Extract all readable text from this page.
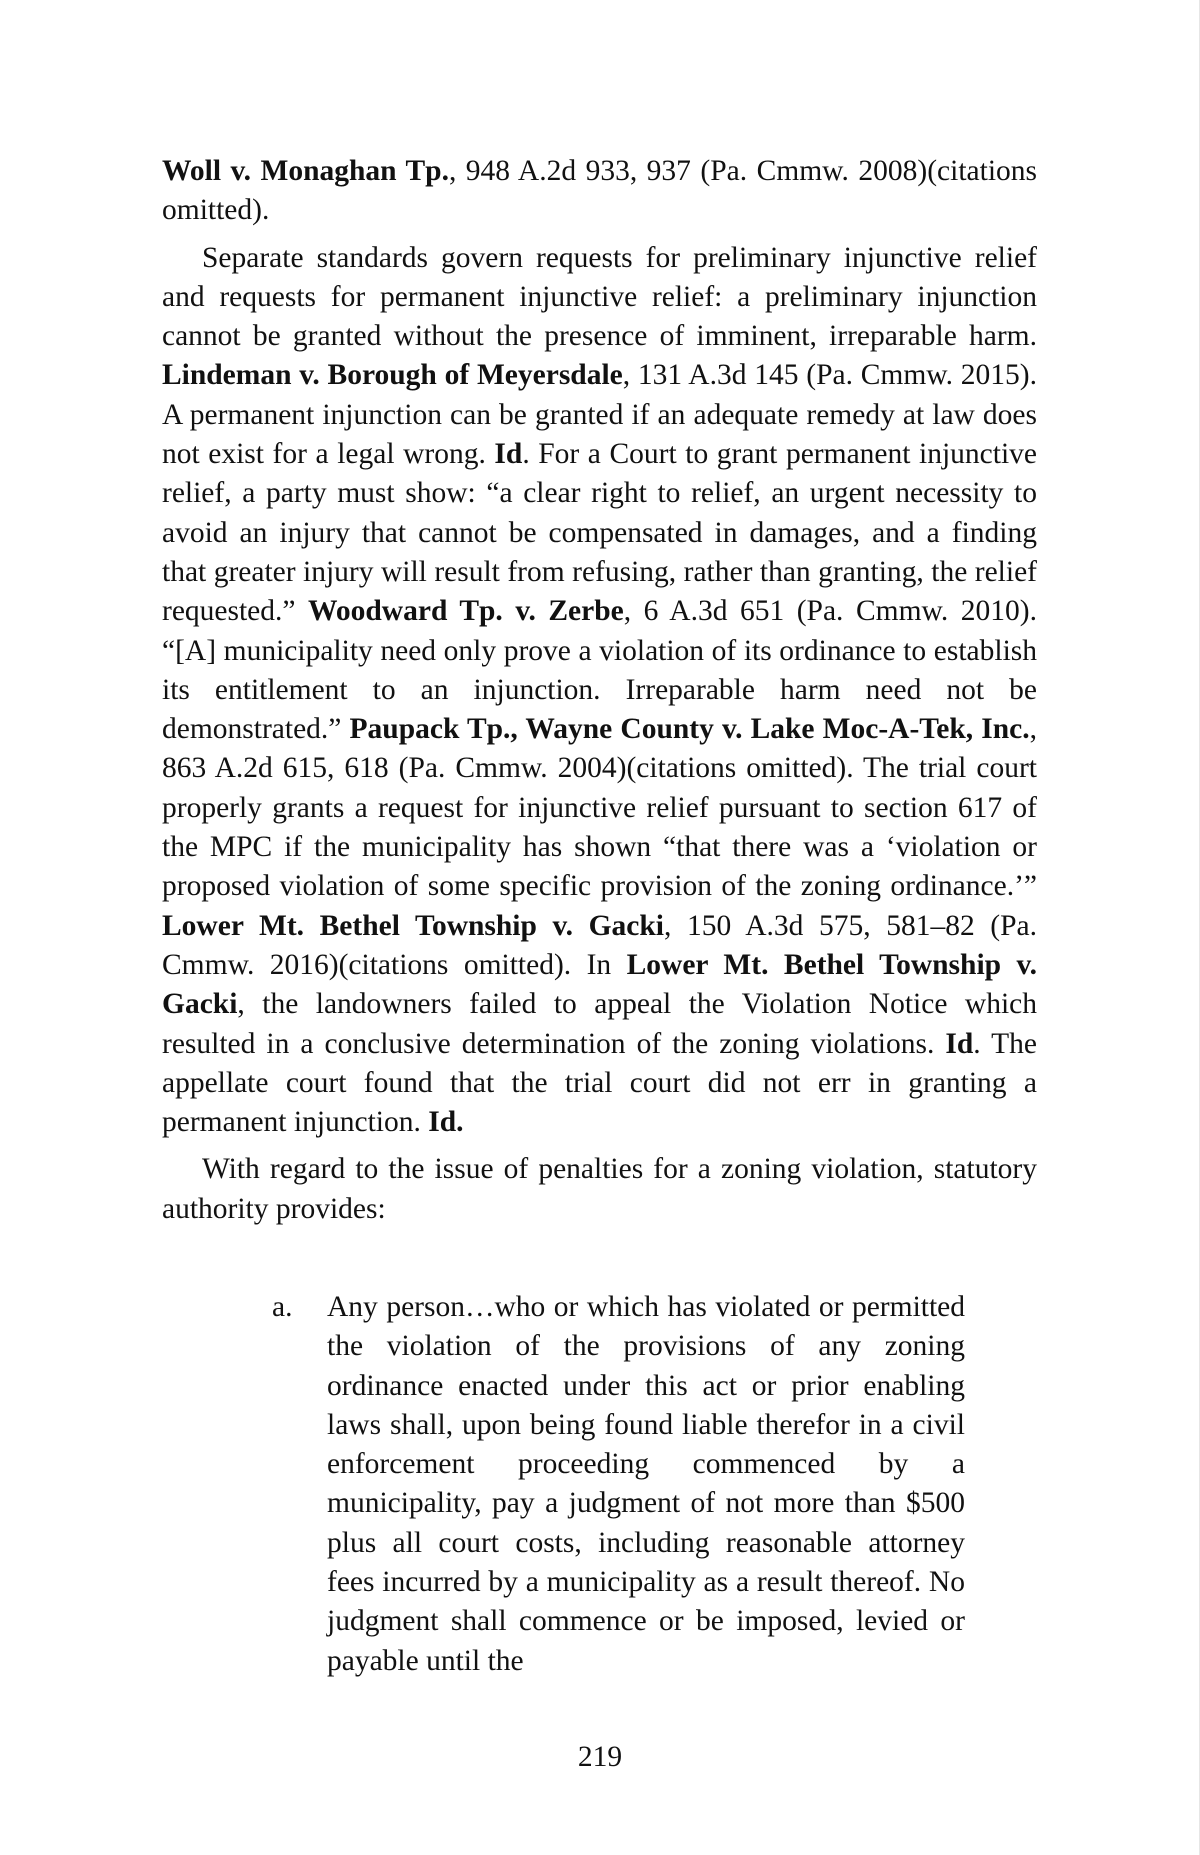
Woll v. Monaghan Tp., 948 A.2d 933, 937 (Pa. Cmmw. 2008)(citations omitted).

Separate standards govern requests for preliminary injunctive relief and requests for permanent injunctive relief: a preliminary injunction cannot be granted without the presence of imminent, irreparable harm. Lindeman v. Borough of Meyersdale, 131 A.3d 145 (Pa. Cmmw. 2015). A permanent injunction can be granted if an adequate remedy at law does not exist for a legal wrong. Id. For a Court to grant permanent injunctive relief, a party must show: “a clear right to relief, an urgent necessity to avoid an injury that cannot be compensated in damages, and a finding that greater injury will result from refusing, rather than granting, the relief requested.” Woodward Tp. v. Zerbe, 6 A.3d 651 (Pa. Cmmw. 2010). “[A] municipality need only prove a violation of its ordinance to establish its entitlement to an injunction. Irreparable harm need not be demonstrated.” Paupack Tp., Wayne County v. Lake Moc-A-Tek, Inc., 863 A.2d 615, 618 (Pa. Cmmw. 2004)(citations omitted). The trial court properly grants a request for injunctive relief pursuant to section 617 of the MPC if the municipality has shown “that there was a ‘violation or proposed violation of some specific provision of the zoning ordinance.’” Lower Mt. Bethel Township v. Gacki, 150 A.3d 575, 581–82 (Pa. Cmmw. 2016)(citations omitted). In Lower Mt. Bethel Township v. Gacki, the landowners failed to appeal the Violation Notice which resulted in a conclusive determination of the zoning violations. Id. The appellate court found that the trial court did not err in granting a permanent injunction. Id.

With regard to the issue of penalties for a zoning violation, statutory authority provides:

a.	Any person…who or which has violated or permitted the violation of the provisions of any zoning ordinance enacted under this act or prior enabling laws shall, upon being found liable therefor in a civil enforcement proceeding commenced by a municipality, pay a judgment of not more than $500 plus all court costs, including reasonable attorney fees incurred by a municipality as a result thereof. No judgment shall commence or be imposed, levied or payable until the
219
